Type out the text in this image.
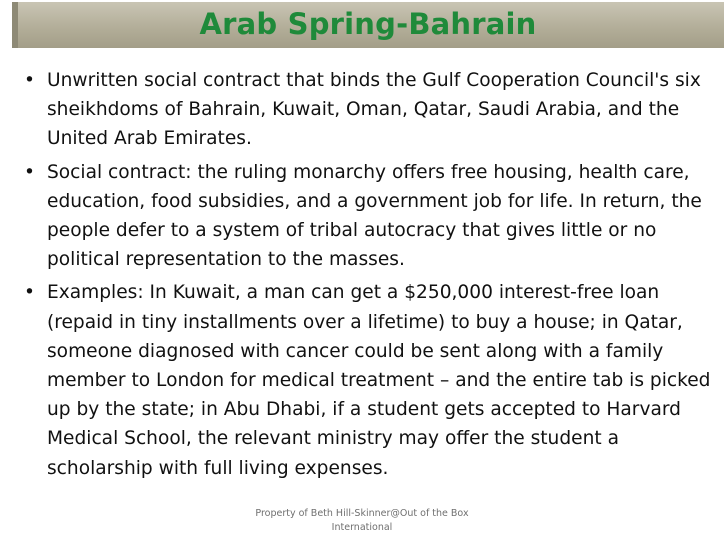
Arab Spring-Bahrain
• Unwritten social contract that binds the Gulf Cooperation Council's six sheikhdoms of Bahrain, Kuwait, Oman, Qatar, Saudi Arabia, and the United Arab Emirates.
• Social contract: the ruling monarchy offers free housing, health care, education, food subsidies, and a government job for life. In return, the people defer to a system of tribal autocracy that gives little or no political representation to the masses.
• Examples: In Kuwait, a man can get a $250,000 interest-free loan (repaid in tiny installments over a lifetime) to buy a house; in Qatar, someone diagnosed with cancer could be sent along with a family member to London for medical treatment – and the entire tab is picked up by the state; in Abu Dhabi, if a student gets accepted to Harvard Medical School, the relevant ministry may offer the student a scholarship with full living expenses.
Property of Beth Hill-Skinner@Out of the Box International
